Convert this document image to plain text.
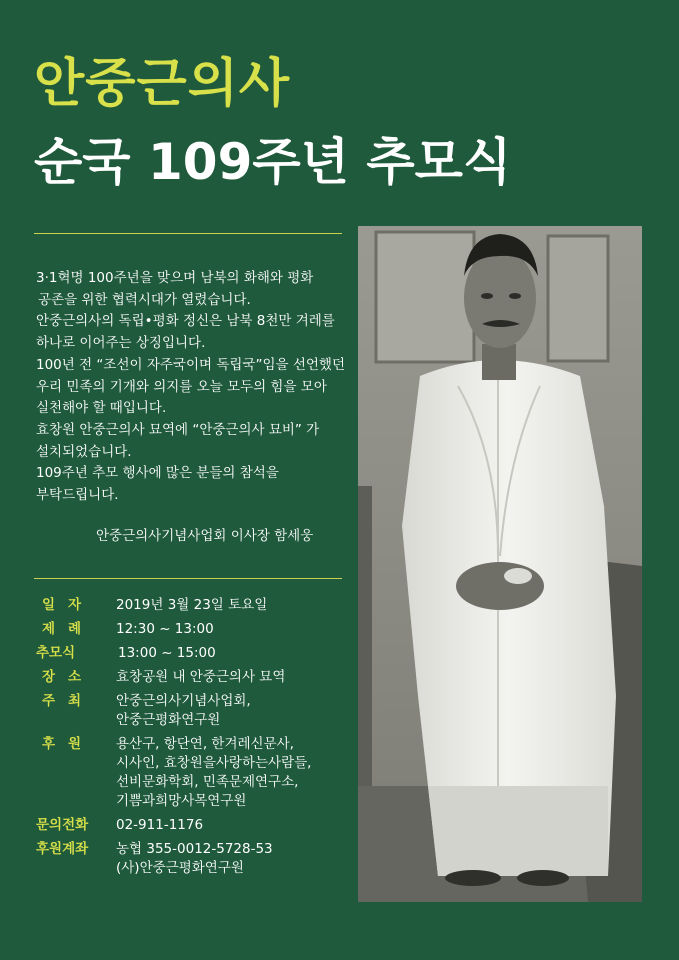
안중근의사
순국 109주년 추모식

3·1혁명 100주년을 맞으며 남북의 화해와 평화

공존을 위한 협력시대가 열렸습니다.

안중근의사의 독립•평화 정신은 남북 8천만 겨레를

하나로 이어주는 상징입니다.

100년 전 “조선이 자주국이며 독립국”임을 선언했던

우리 민족의 기개와 의지를 오늘 모두의 힘을 모아

실천해야 할 때입니다.

효창원 안중근의사 묘역에 “안중근의사 묘비” 가

설치되었습니다.

109주년 추모 행사에 많은 분들의 참석을

부탁드립니다.

안중근의사기념사업회 이사장 함세웅
일자	2019년 3월 23일 토요일
제례	12:30 ~ 13:00
추모식	13:00 ~ 15:00
장소	효창공원 내 안중근의사 묘역
주최	안중근의사기념사업회,

안중근평화연구원

후원	용산구, 항단연, 한겨레신문사,

시사인, 효창원을사랑하는사람들,

선비문화학회, 민족문제연구소,

기쁨과희망사목연구원

문의전화	02-911-1176
후원계좌	농협 355-0012-5728-53

(사)안중근평화연구원
